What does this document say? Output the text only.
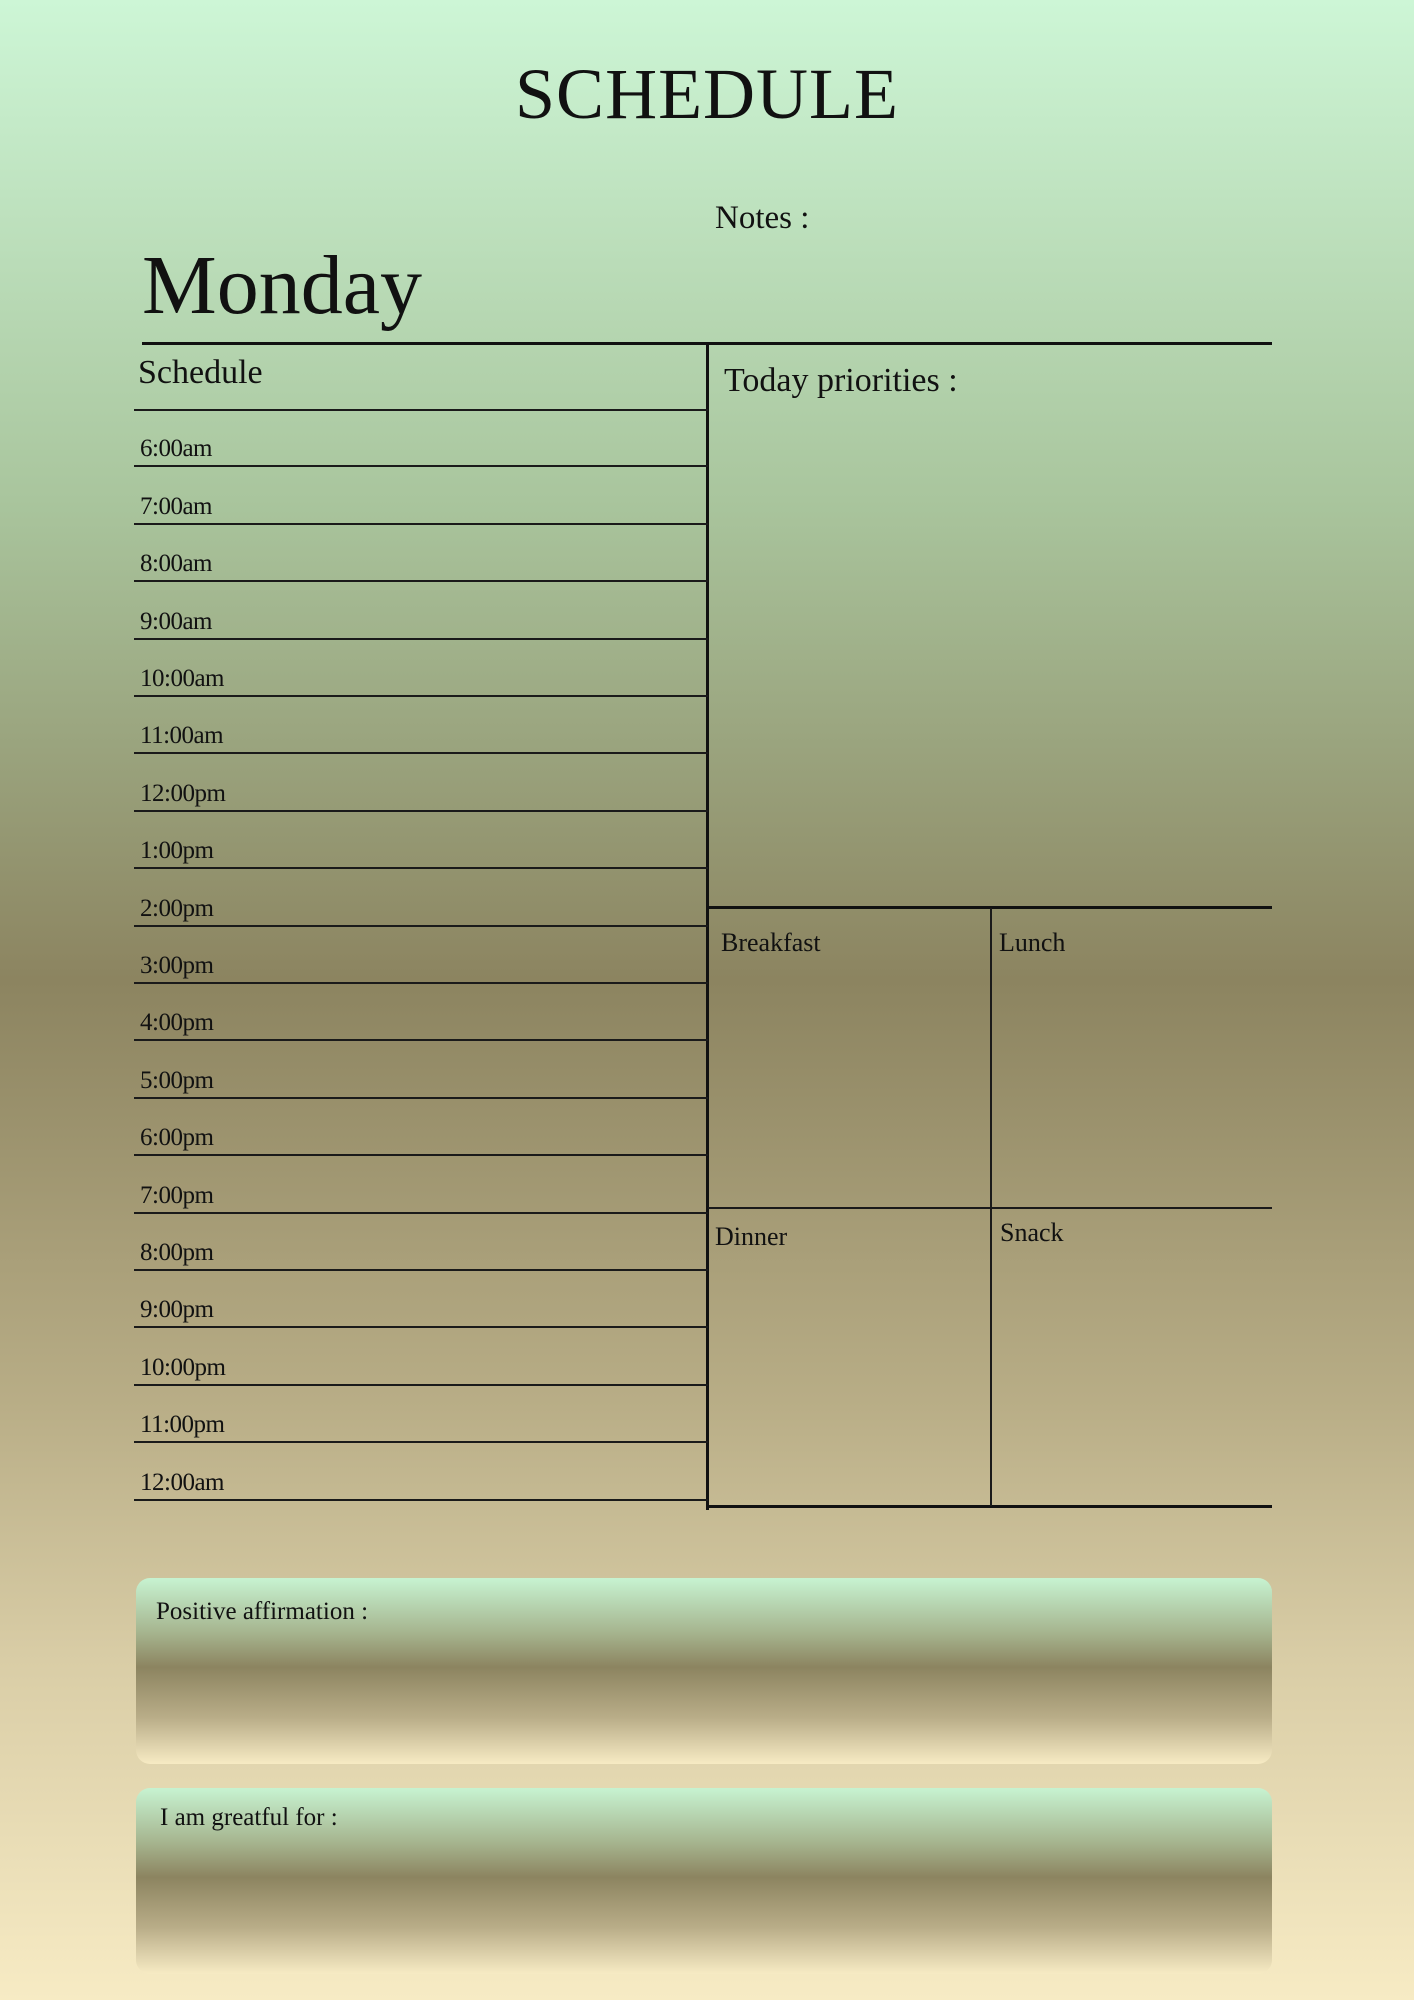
SCHEDULE
Notes :
Monday
Schedule
6:00am
7:00am
8:00am
9:00am
10:00am
11:00am
12:00pm
1:00pm
2:00pm
3:00pm
4:00pm
5:00pm
6:00pm
7:00pm
8:00pm
9:00pm
10:00pm
11:00pm
12:00am
Today priorities :
Breakfast	Lunch
Dinner	Snack
Positive affirmation :
I am greatful for :
